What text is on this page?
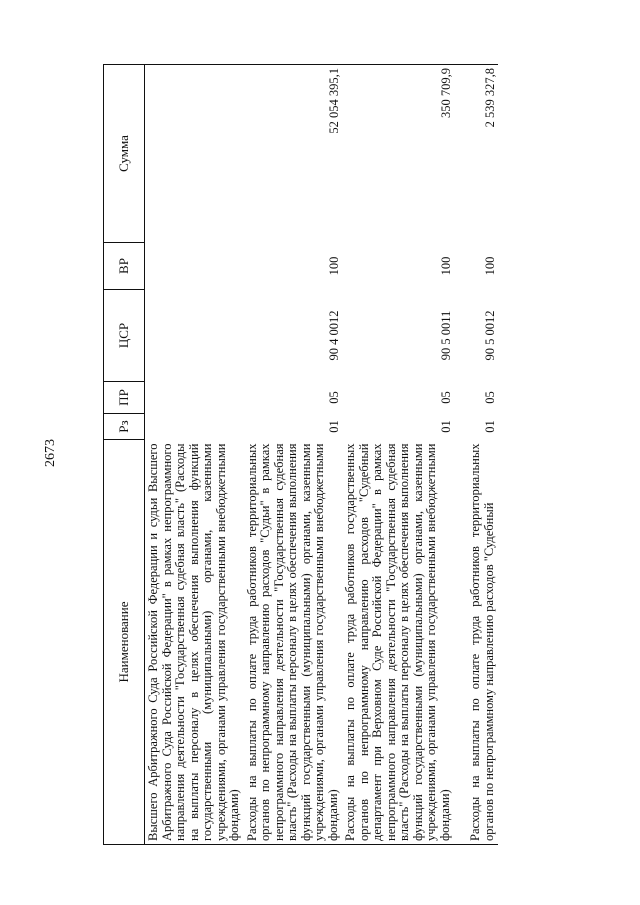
2673
Наименование	Рз	ПР	ЦСР	ВР	Сумма

Высшего Арбитражного Суда Российской Федерации и судьи Высшего Арбитражного Суда Российской Федерации" в рамках непрограммного направления деятельности "Государственная судебная власть" (Расходы на выплаты персоналу в целях обеспечения выполнения функций государственными (муниципальными) органами, казенными учреждениями, органами управления государственными внебюджетными фондами)					

Расходы на выплаты по оплате труда работников территориальных органов по непрограммному направлению расходов "Судьи" в рамках непрограммного направления деятельности "Государственная судебная власть" (Расходы на выплаты персоналу в целях обеспечения выполнения функций государственными (муниципальными) органами, казенными учреждениями, органами управления государственными внебюджетными фондами)	01	05	90 4 0012	100	52 054 395,1

Расходы на выплаты по оплате труда работников государственных органов по непрограммному направлению расходов "Судебный департамент при Верховном Суде Российской Федерации" в рамках непрограммного направления деятельности "Государственная судебная власть" (Расходы на выплаты персоналу в целях обеспечения выполнения функций государственными (муниципальными) органами, казенными учреждениями, органами управления государственными внебюджетными фондами)	01	05	90 5 0011	100	350 709,9

Расходы на выплаты по оплате труда работников территориальных органов по непрограммному направлению расходов "Судебный	01	05	90 5 0012	100	2 539 327,8
